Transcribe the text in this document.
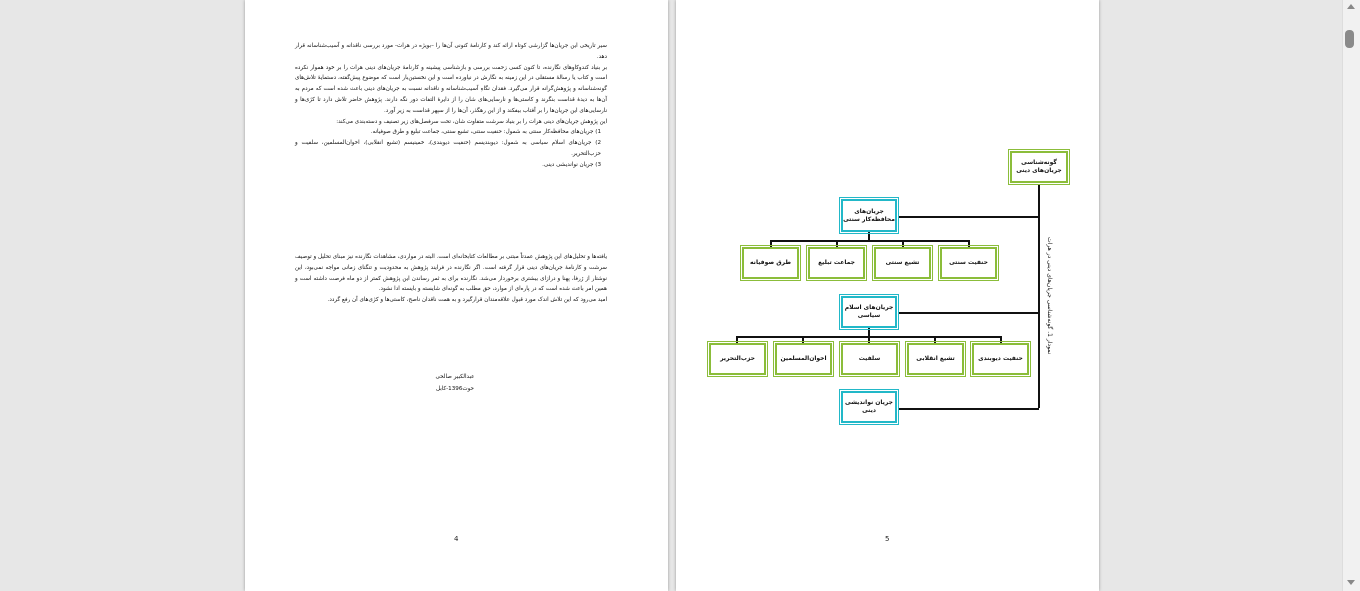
سیر تاریخی این جریان‌ها گزارشی کوتاه ارائه کند و کارنامهٔ کنونی آن‌ها را –بویژه در هرات- مورد بررسی ناقدانه و آسیب‌شناسانه قرار دهد.

بر بنیاد کندوکاوهای نگارنده، تا کنون کسی زحمت بررسی و بازشناسی پیشینه و کارنامهٔ جریان‌های دینی هرات را بر خود هموار نکرده است و کتاب یا رسالهٔ مستقلی در این زمینه به نگارش در نیاورده است و این نخستین‌بار است که موضوع پیش‌گفته، دستمایهٔ تلاش‌های گونه‌شناسانه و پژوهش‌گرانه قرار می‌گیرد. فقدان نگاهِ آسیب‌شناسانه و ناقدانه نسبت به جریان‌های دینی باعث شده است که مردم به آن‌ها به دیدهٔ قداست بنگرند و کاستی‌ها و نارسایی‌های شان را از دایرهٔ التفات دور نگه دارند. پژوهش حاضر تلاش دارد تا کژی‌ها و نارسایی‌های این جریان‌ها را بر آفتاب بیفکند و از این رهگذر، آن‌ها را از سپهر قداست به زیر آورد.

این پژوهش جریان‌های دینی هرات را بر بنیاد سرشت متفاوت شان، تحت سرفصل‌های زیر تصنیف و دسته‌بندی می‌کند:

1) جریان‌های محافظه‌کار سنتی به شمول: حنفیت سنتی، تشیع سنتی، جماعت تبلیغ و طرق صوفیانه.

2) جریان‌های اسلام سیاسی به شمول: دیوبندیسم (حنفیت دیوبندی)، خمینیسم (تشیع انقلابی)، اخوان‌المسلمین، سلفیت و حزب‌التحریر.

3) جریان نواندیشی دینی.

یافته‌ها و تحلیل‌های این پژوهش عمدتاً مبتنی بر مطالعات کتابخانه‌ای است. البته در مواردی، مشاهدات نگارنده نیز مبنای تحلیل و توصیف سرشت و کارنامهٔ جریان‌های دینی قرار گرفته است. اگر نگارنده در فرایند پژوهش به محدودیت و تنگنای زمانی مواجه نمی‌بود، این نوشتار از ژرفا، پهنا و درازای بیشتری برخوردار می‌شد. نگارنده برای به ثمر رساندن این پژوهش کمتر از دو ماه فرصت داشته است و همین امر باعث شده است که در پاره‌ای از موارد، حق مطلب به گونه‌ای شایسته و بایسته ادا نشود.

امید می‌رود که این تلاش اندک مورد قبول علاقه‌مندان قرارگیرد و به همت ناقدان ناصح، کاستی‌ها و کژی‌های آن رفع گردد.

عبدالکبیر صالحی
حوت1396-کابل
4	5
گونه‌شناسی جریان‌های دینی
جریان‌های محافظه‌کار سنتی
حنفیت سنتی
تشیع سنتی
جماعت تبلیغ
طرق صوفیانه
جریان‌های اسلام سیاسی
حنفیت دیوبندی
تشیع انقلابی
سلفیت
اخوان‌المسلمین
حزب‌التحریر
جریان نواندیشی دینی
نمودار 1. گونه‌شناسی جریان‌های دینی در هرات
